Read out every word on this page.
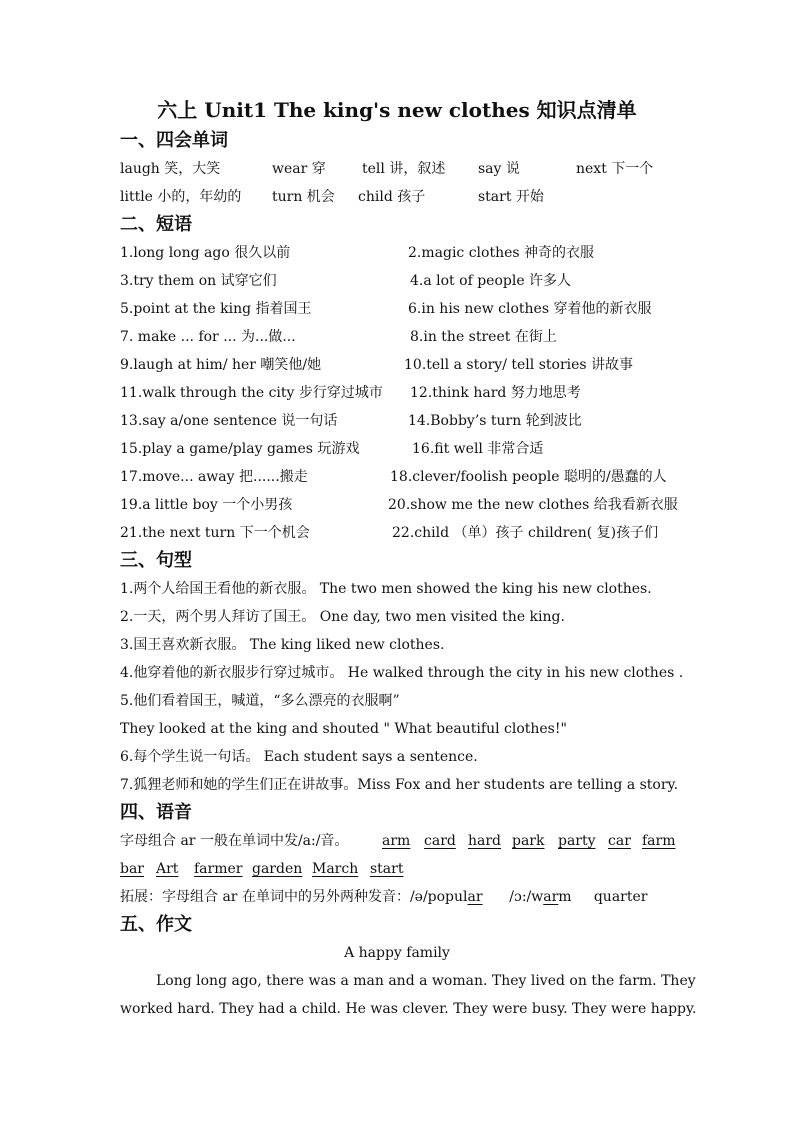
六上 Unit1 The king's new clothes 知识点清单
一、四会单词
laugh 笑，大笑	wear 穿	tell 讲，叙述 say 说	next 下一个
little 小的，年幼的 turn 机会 child 孩子	start 开始
二、短语
1.long long ago 很久以前	2.magic clothes 神奇的衣服
3.try them on 试穿它们	4.a lot of people 许多人
5.point at the king 指着国王	6.in his new clothes 穿着他的新衣服
7. make ... for ... 为...做...	8.in the street 在街上
9.laugh at him/ her 嘲笑他/她	10.tell a story/ tell stories 讲故事
11.walk through the city 步行穿过城市 12.think hard 努力地思考
13.say a/one sentence 说一句话	14.Bobby’s turn 轮到波比
15.play a game/play games 玩游戏	16.fit well 非常合适
17.move... away 把......搬走	18.clever/foolish people 聪明的/愚蠢的人
19.a little boy 一个小男孩	20.show me the new clothes 给我看新衣服
21.the next turn 下一个机会	22.child （单）孩子 children( 复)孩子们
三、句型
1.两个人给国王看他的新衣服。 The two men showed the king his new clothes.
2.一天，两个男人拜访了国王。 One day, two men visited the king.
3.国王喜欢新衣服。 The king liked new clothes.
4.他穿着他的新衣服步行穿过城市。 He walked through the city in his new clothes .
5.他们看着国王，喊道，“多么漂亮的衣服啊”
They looked at the king and shouted " What beautiful clothes!"
6.每个学生说一句话。 Each student says a sentence.
7.狐狸老师和她的学生们正在讲故事。Miss Fox and her students are telling a story.
四、语音
字母组合 ar 一般在单词中发/a:/音。 arm card hard park party car farm
bar Art farmer garden March start
拓展：字母组合 ar 在单词中的另外两种发音：/ə/popular /ɔ:/warm quarter
五、作文
A happy family
Long long ago, there was a man and a woman. They lived on the farm. They
worked hard. They had a child. He was clever. They were busy. They were happy.
